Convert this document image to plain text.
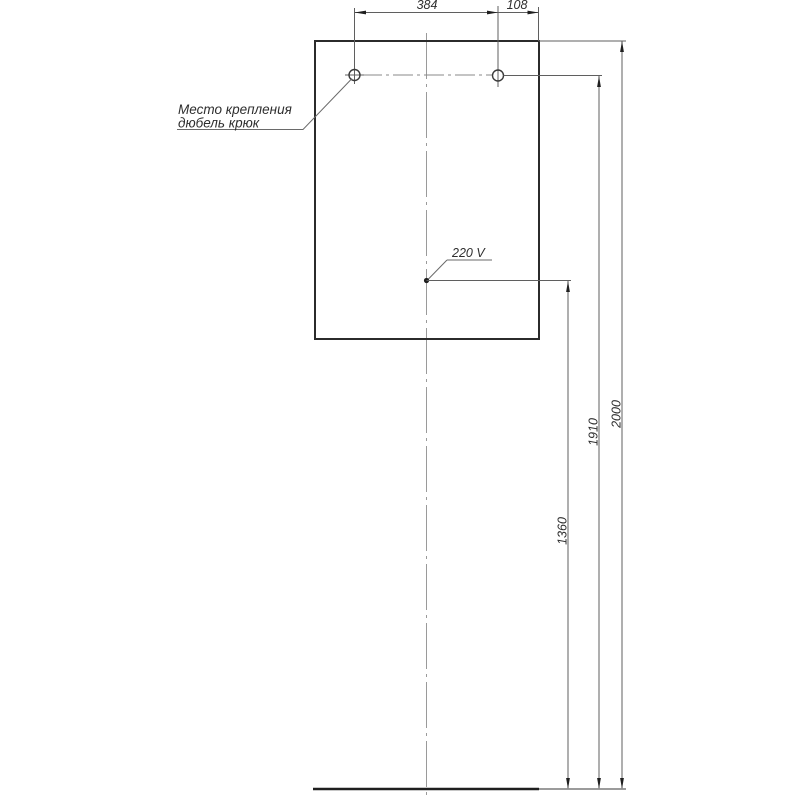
384	108
Место крепления
дюбель крюк
220 V
1360
1910
2000
